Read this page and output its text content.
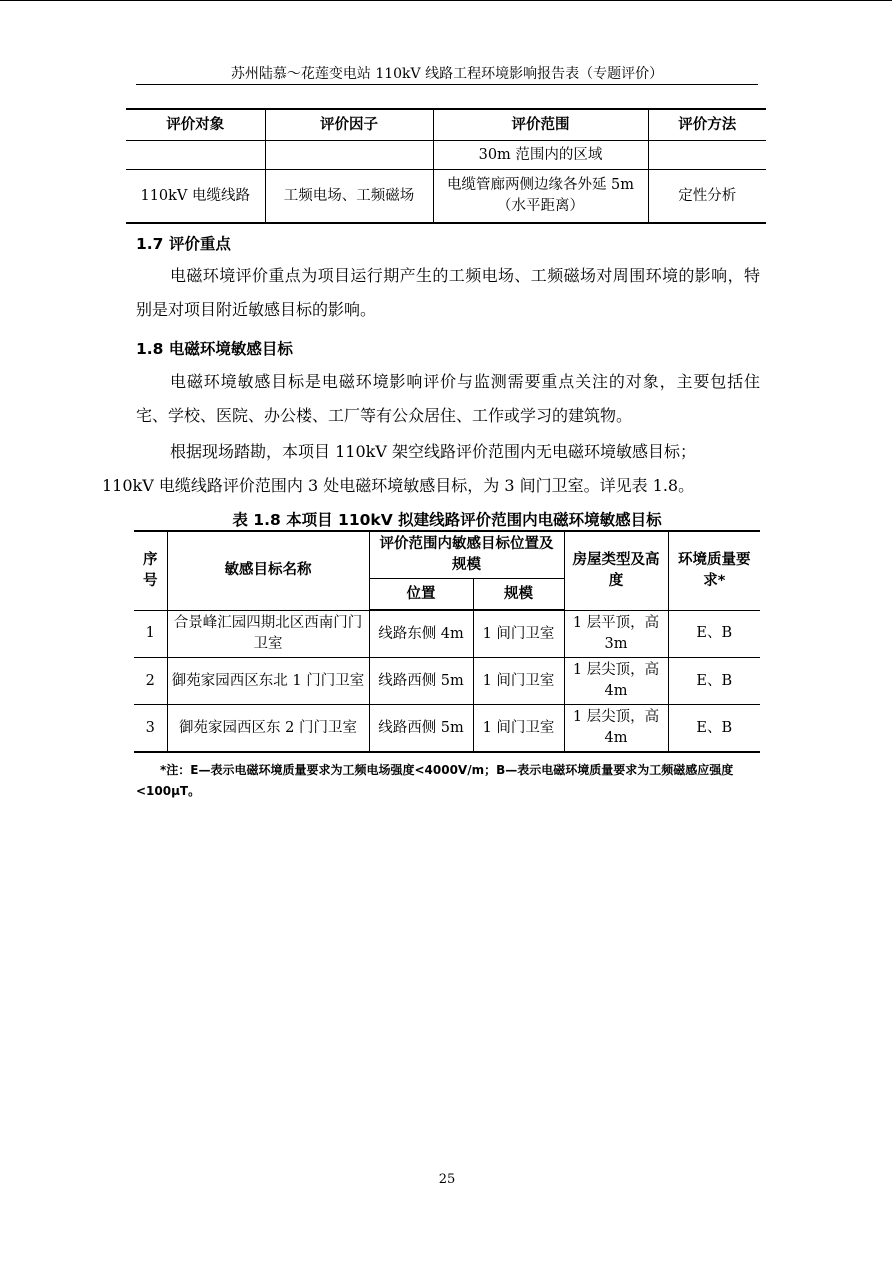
苏州陆慕～花莲变电站 110kV 线路工程环境影响报告表（专题评价）
评价对象	评价因子	评价范围	评价方法
		30m 范围内的区域	
110kV 电缆线路	工频电场、工频磁场	电缆管廊两侧边缘各外延 5m（水平距离）	定性分析
1.7 评价重点
电磁环境评价重点为项目运行期产生的工频电场、工频磁场对周围环境的影响，特别是对项目附近敏感目标的影响。
1.8 电磁环境敏感目标
电磁环境敏感目标是电磁环境影响评价与监测需要重点关注的对象，主要包括住宅、学校、医院、办公楼、工厂等有公众居住、工作或学习的建筑物。
根据现场踏勘，本项目 110kV 架空线路评价范围内无电磁环境敏感目标；
110kV 电缆线路评价范围内 3 处电磁环境敏感目标，为 3 间门卫室。详见表 1.8。
表 1.8 本项目 110kV 拟建线路评价范围内电磁环境敏感目标
序号	敏感目标名称	评价范围内敏感目标位置及规模		房屋类型及高度	环境质量要求*
		位置	规模		
1	合景峰汇园四期北区西南门门卫室	线路东侧 4m	1 间门卫室	1 层平顶，高 3m	E、B
2	御苑家园西区东北 1 门门卫室	线路西侧 5m	1 间门卫室	1 层尖顶，高 4m	E、B
3	御苑家园西区东 2 门门卫室	线路西侧 5m	1 间门卫室	1 层尖顶，高 4m	E、B
*注：E—表示电磁环境质量要求为工频电场强度<4000V/m；B—表示电磁环境质量要求为工频磁感应强度<100μT。
25
